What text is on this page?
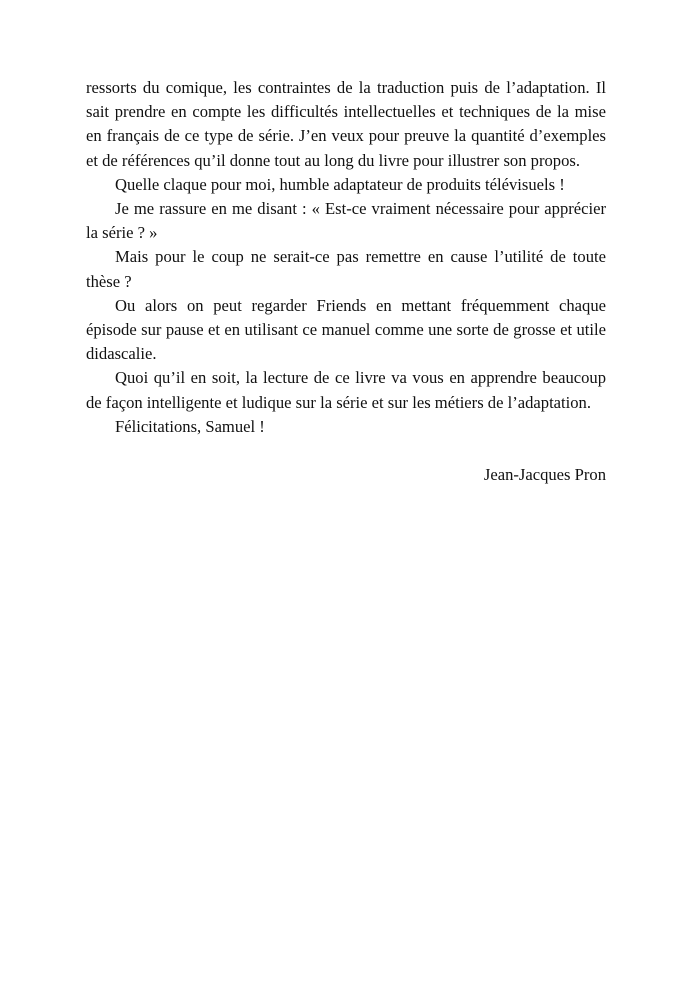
ressorts du comique, les contraintes de la traduction puis de l’adaptation. Il sait prendre en compte les difficultés intellectuelles et techniques de la mise en français de ce type de série. J’en veux pour preuve la quantité d’exemples et de références qu’il donne tout au long du livre pour illustrer son propos.

Quelle claque pour moi, humble adaptateur de produits télévisuels !

Je me rassure en me disant : « Est-ce vraiment nécessaire pour apprécier la série ? »

Mais pour le coup ne serait-ce pas remettre en cause l’utilité de toute thèse ?

Ou alors on peut regarder Friends en mettant fréquemment chaque épisode sur pause et en utilisant ce manuel comme une sorte de grosse et utile didascalie.

Quoi qu’il en soit, la lecture de ce livre va vous en apprendre beaucoup de façon intelligente et ludique sur la série et sur les métiers de l’adaptation.

Félicitations, Samuel !

Jean-Jacques Pron
